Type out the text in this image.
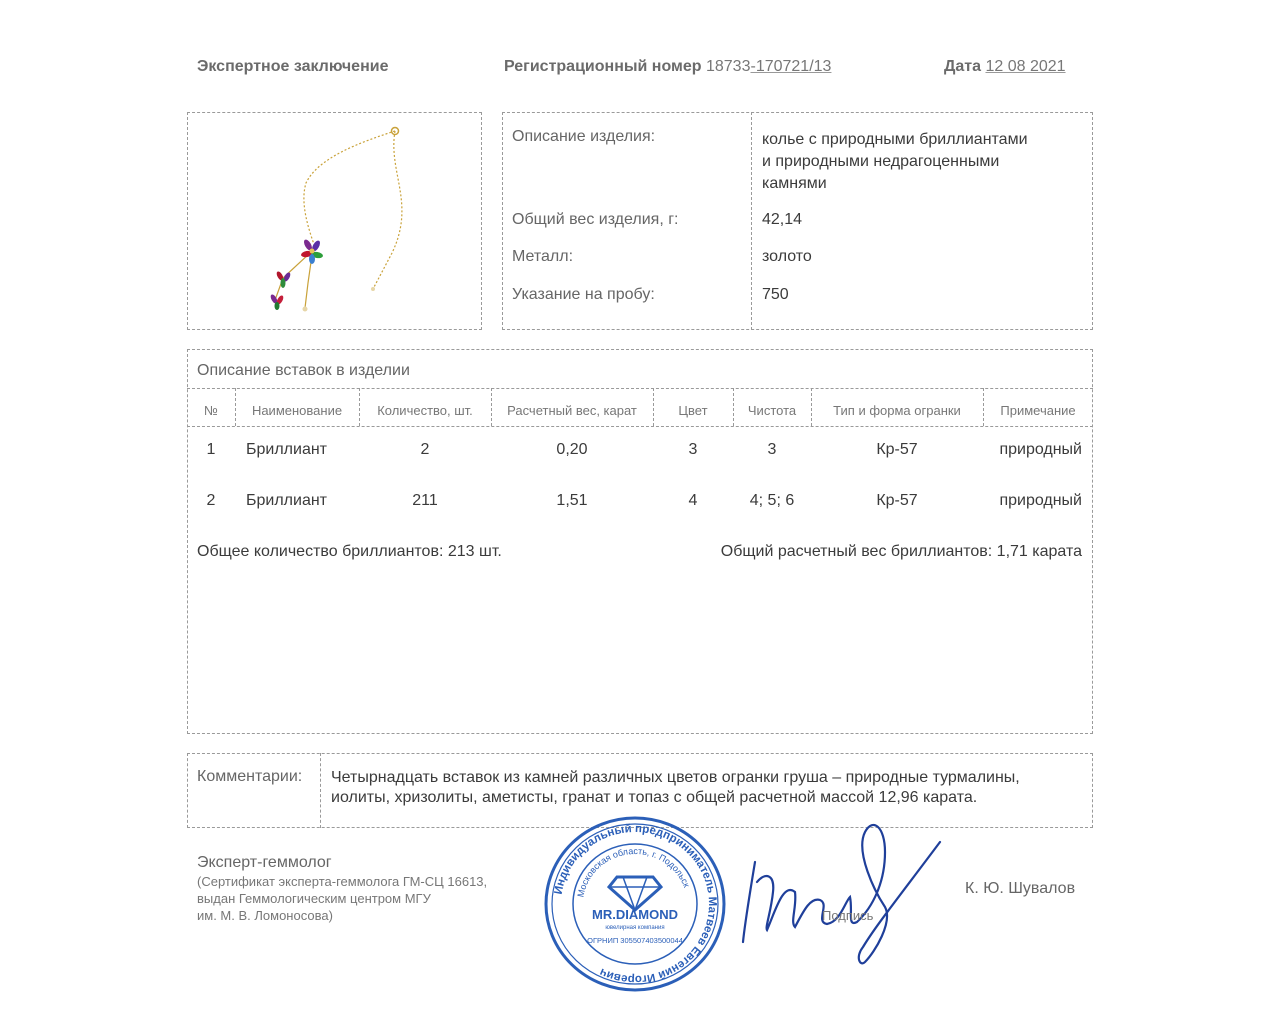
Экспертное заключение	Регистрационный номер 18733-170721/13	Дата 12 08 2021
Описание изделия:	колье с природными бриллиантами
и природными недрагоценными
камнями
Общий вес изделия, г:	42,14
Металл:	золото
Указание на пробу:	750
Описание вставок в изделии
№	Наименование	Количество, шт.	Расчетный вес, карат	Цвет	Чистота	Тип и форма огранки	Примечание
1	Бриллиант	2	0,20	3	3	Кр-57	природный
2	Бриллиант	211	1,51	4	4; 5; 6	Кр-57	природный
Общее количество бриллиантов: 213 шт.	Общий расчетный вес бриллиантов: 1,71 карата
Комментарии: Четырнадцать вставок из камней различных цветов огранки груша – природные турмалины,
иолиты, хризолиты, аметисты, гранат и топаз с общей расчетной массой 12,96 карата.
Эксперт-геммолог
(Сертификат эксперта-геммолога ГМ-СЦ 16613,
выдан Геммологическим центром МГУ
им. М. В. Ломоносова)
Индивидуальный предприниматель Матвеев Евгений Игоревич
Московская область, г. Подольск
MR.DIAMOND
ювелирная компания
ОГРНИП 305507403500044
Подпись
К. Ю. Шувалов
